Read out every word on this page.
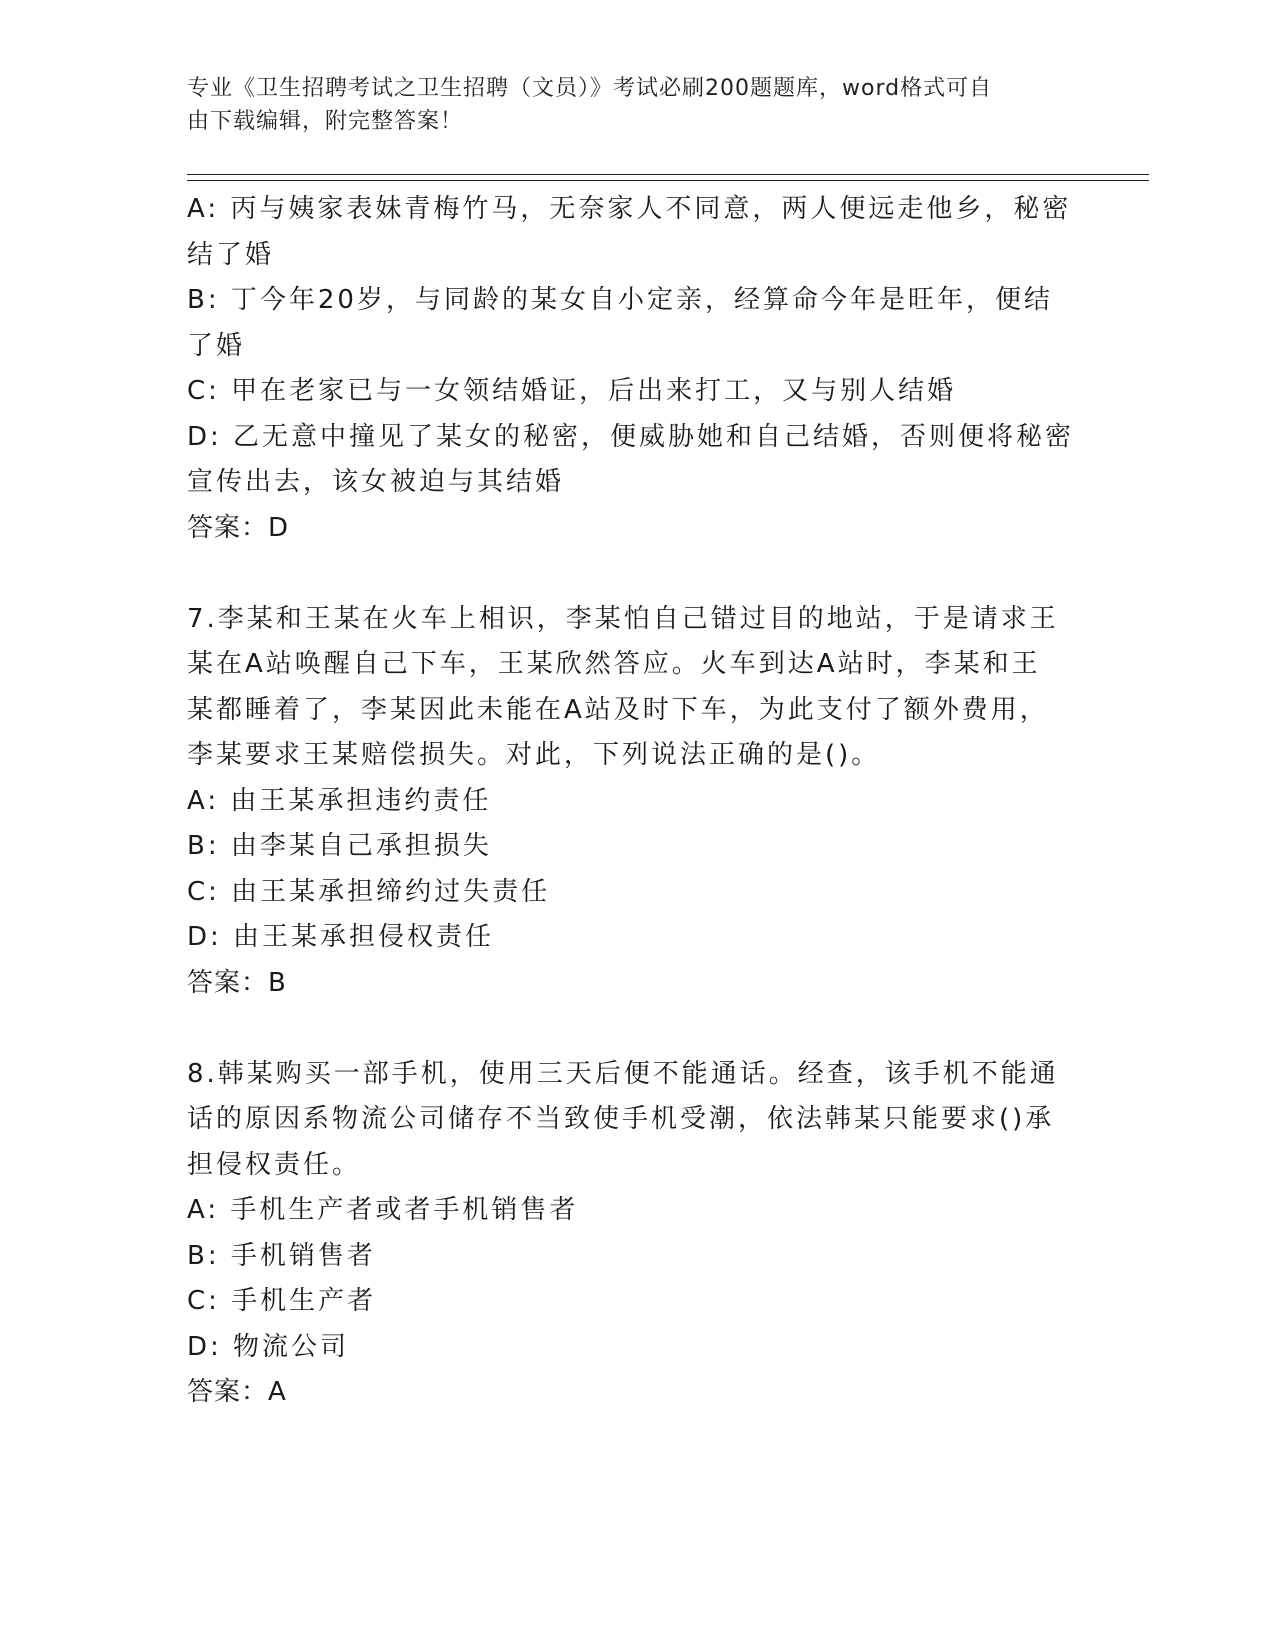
专业《卫生招聘考试之卫生招聘（文员）》考试必刷200题题库，word格式可自
由下载编辑，附完整答案！
A: 丙与姨家表妹青梅竹马，无奈家人不同意，两人便远走他乡，秘密
结了婚
B: 丁今年20岁，与同龄的某女自小定亲，经算命今年是旺年，便结
了婚
C: 甲在老家已与一女领结婚证，后出来打工，又与别人结婚
D: 乙无意中撞见了某女的秘密，便威胁她和自己结婚，否则便将秘密
宣传出去，该女被迫与其结婚
答案：D
7.李某和王某在火车上相识，李某怕自己错过目的地站，于是请求王
某在A站唤醒自己下车，王某欣然答应。火车到达A站时，李某和王
某都睡着了，李某因此未能在A站及时下车，为此支付了额外费用，
李某要求王某赔偿损失。对此，下列说法正确的是()。
A: 由王某承担违约责任
B: 由李某自己承担损失
C: 由王某承担缔约过失责任
D: 由王某承担侵权责任
答案：B
8.韩某购买一部手机，使用三天后便不能通话。经查，该手机不能通
话的原因系物流公司储存不当致使手机受潮，依法韩某只能要求()承
担侵权责任。
A: 手机生产者或者手机销售者
B: 手机销售者
C: 手机生产者
D: 物流公司
答案：A
